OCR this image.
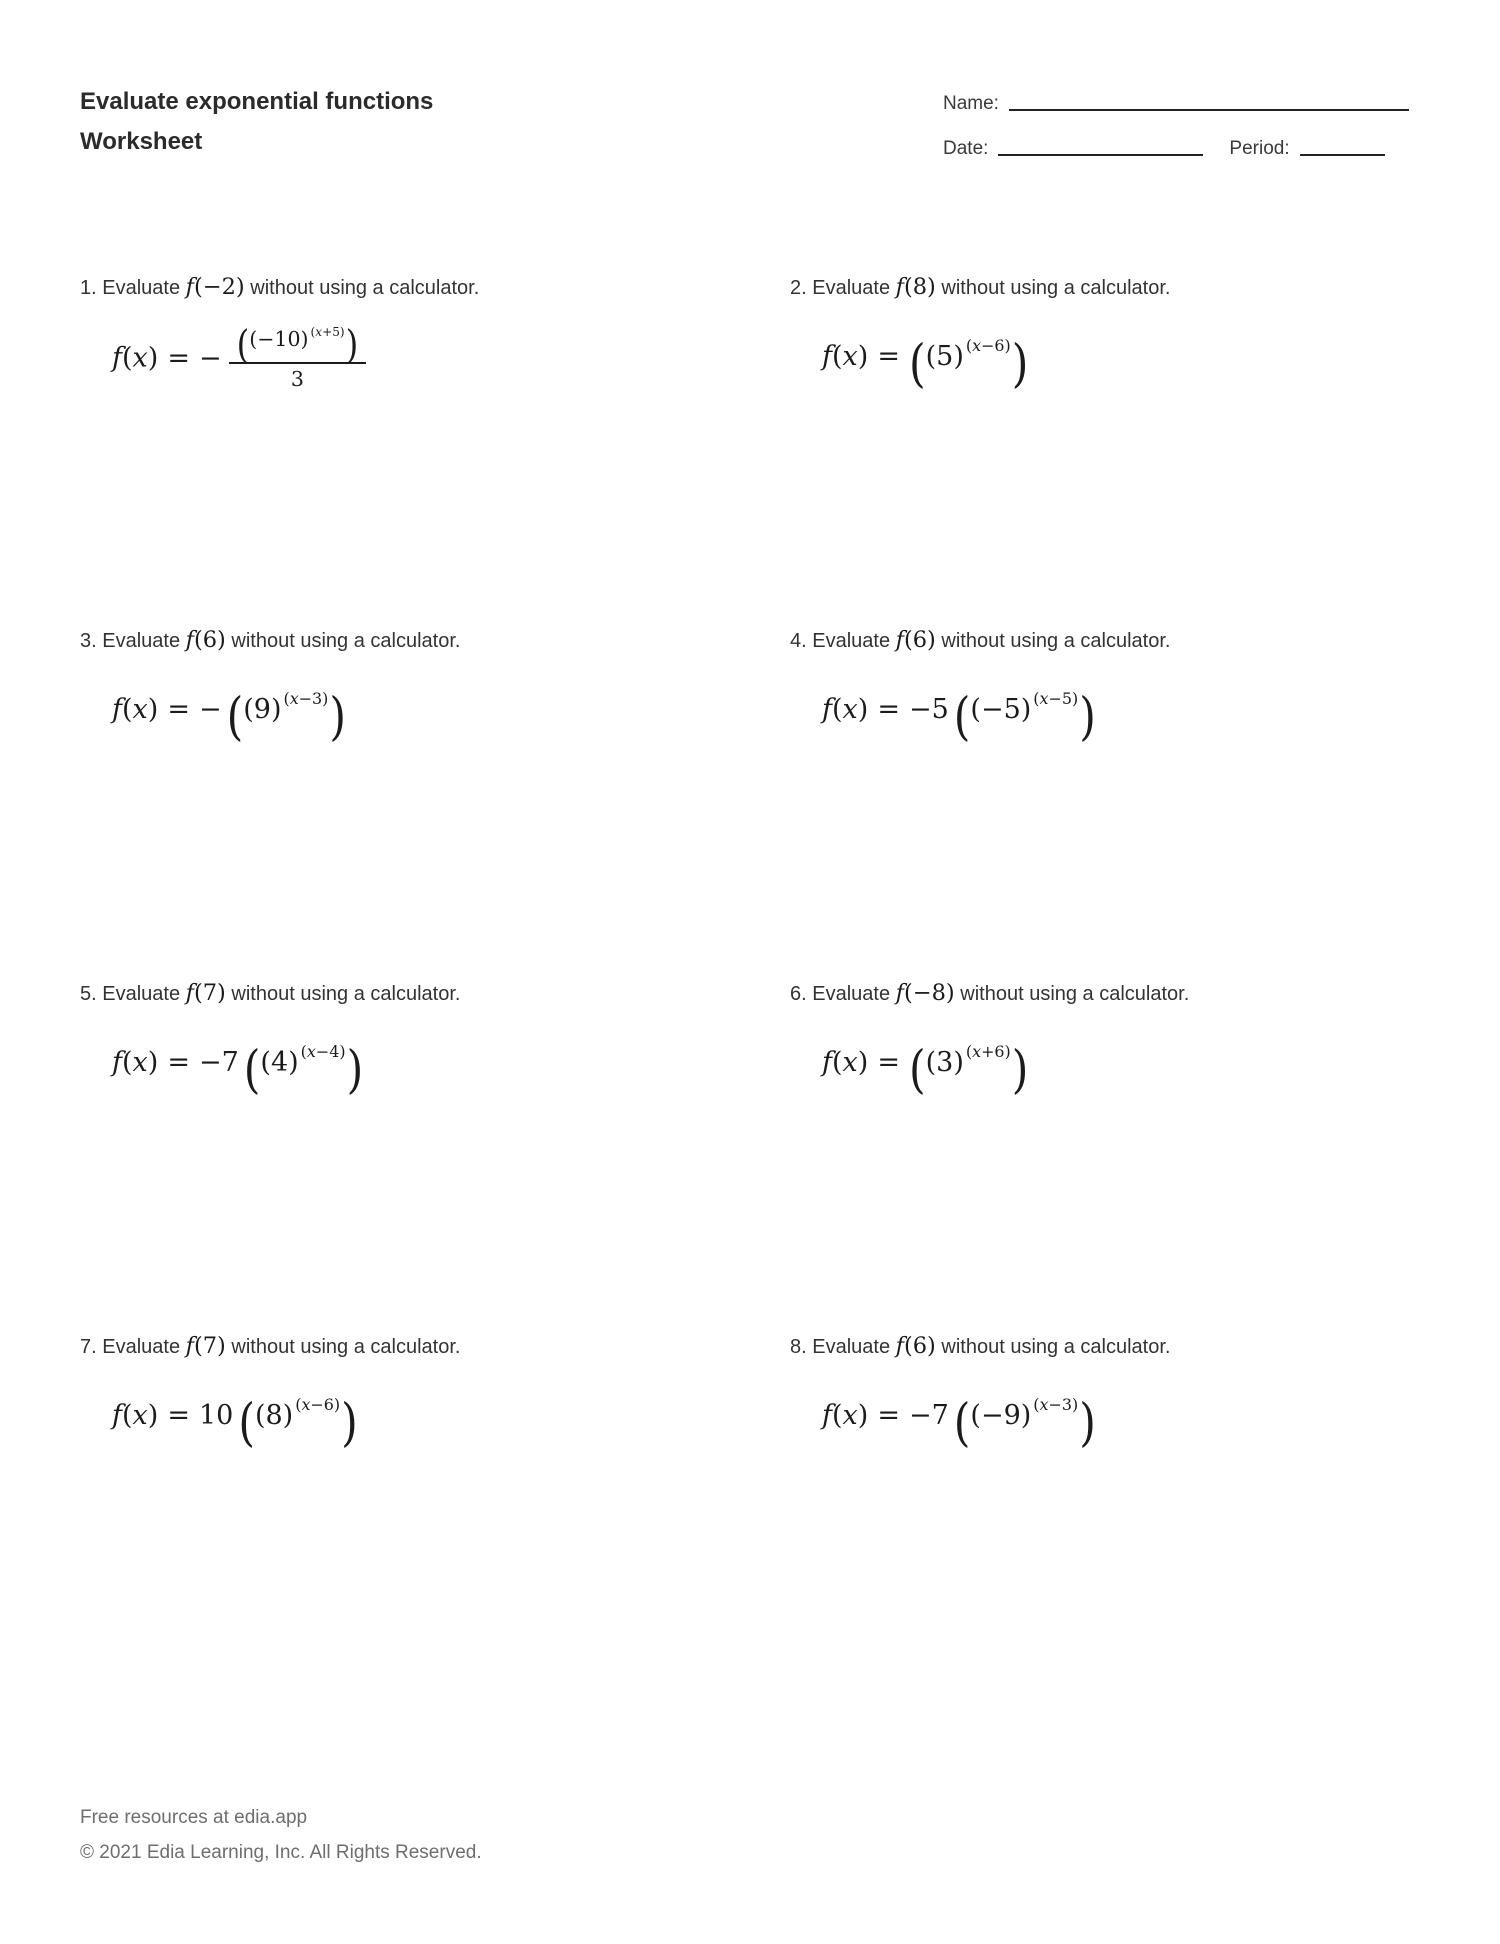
Evaluate exponential functions
Worksheet
Name:
Date:	Period:
1. Evaluate f(−2) without using a calculator.
f(x) = − $\frac{((-10) ^{(x+5)})}{3}$
2. Evaluate f(8) without using a calculator.
f(x) = ((5) $^{(x-6)}$)
3. Evaluate f(6) without using a calculator.
f(x) = − ((9) $^{(x-3)}$)
4. Evaluate f(6) without using a calculator.
f(x) = −5 ((−5) $^{(x-5)}$)
5. Evaluate f(7) without using a calculator.
f(x) = −7 ((4) $^{(x-4)}$)
6. Evaluate f(−8) without using a calculator.
f(x) = ((3) $^{(x+6)}$)
7. Evaluate f(7) without using a calculator.
f(x) = 10 ((8) $^{(x-6)}$)
8. Evaluate f(6) without using a calculator.
f(x) = −7 ((−9) $^{(x-3)}$)
Free resources at edia.app
© 2021 Edia Learning, Inc. All Rights Reserved.
